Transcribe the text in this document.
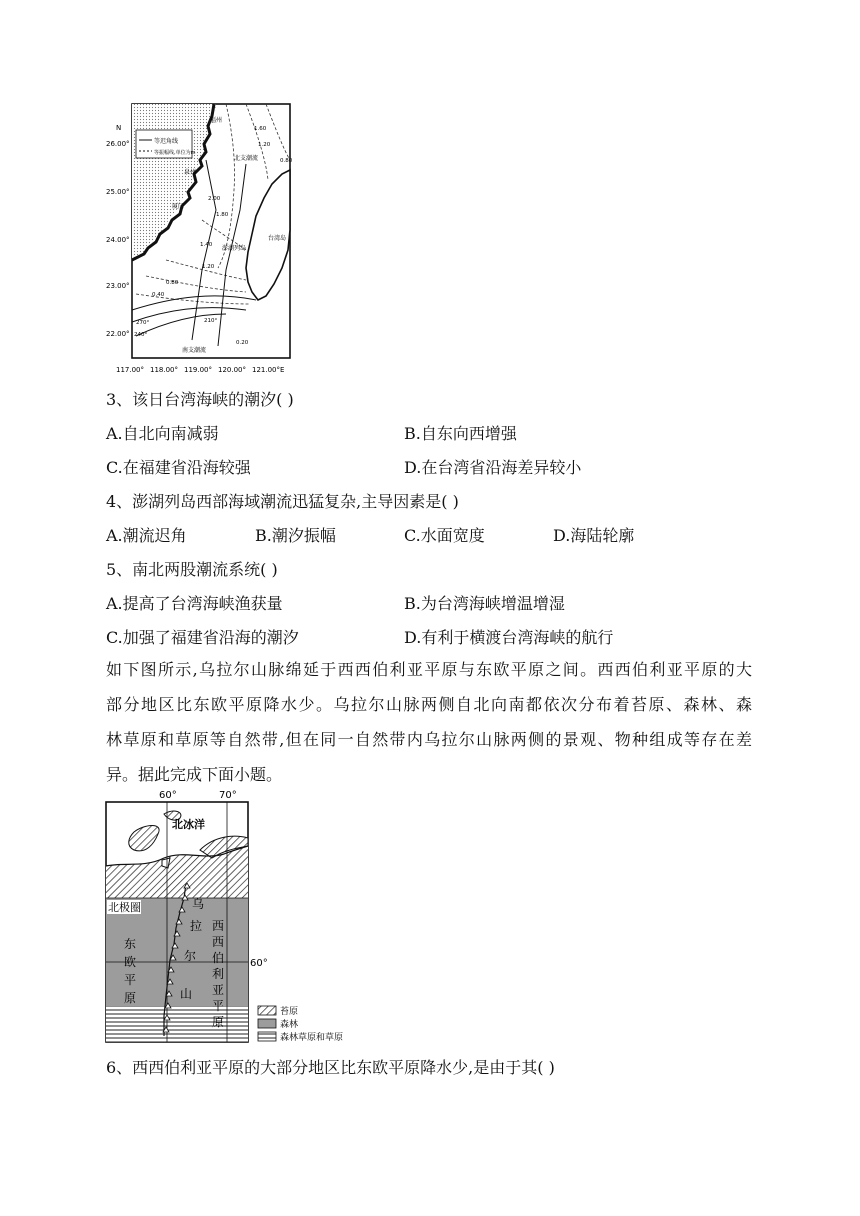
等迟角线
等振幅线,单位为m
N
26.00°
25.00°
24.00°
23.00°
22.00°
117.00° 118.00° 119.00° 120.00° 121.00°E
福州
泉州
厦门
北支潮流
南支潮流
澎湖列岛
台湾岛
1.60
1.20
0.80
2.00
1.80
1.40
1.20
0.80
0.40
0.20
270°	210°
240°
3、该日台湾海峡的潮汐( )
A.自北向南减弱	B.自东向西增强
C.在福建省沿海较强	D.在台湾省沿海差异较小
4、澎湖列岛西部海域潮流迅猛复杂,主导因素是( )
A.潮流迟角	B.潮汐振幅	C.水面宽度	D.海陆轮廓
5、南北两股潮流系统( )
A.提高了台湾海峡渔获量	B.为台湾海峡增温增湿
C.加强了福建省沿海的潮汐	D.有利于横渡台湾海峡的航行
如下图所示,乌拉尔山脉绵延于西西伯利亚平原与东欧平原之间。西西伯利亚平原的大
部分地区比东欧平原降水少。乌拉尔山脉两侧自北向南都依次分布着苔原、森林、森
林草原和草原等自然带,但在同一自然带内乌拉尔山脉两侧的景观、物种组成等存在差
异。据此完成下面小题。
60°	70°
60°
北冰洋
北极圈
东
欧
平
原
乌
拉
尔
山
西
西
伯
利
亚
平
原
苔原
森林
森林草原和草原
6、西西伯利亚平原的大部分地区比东欧平原降水少,是由于其( )
